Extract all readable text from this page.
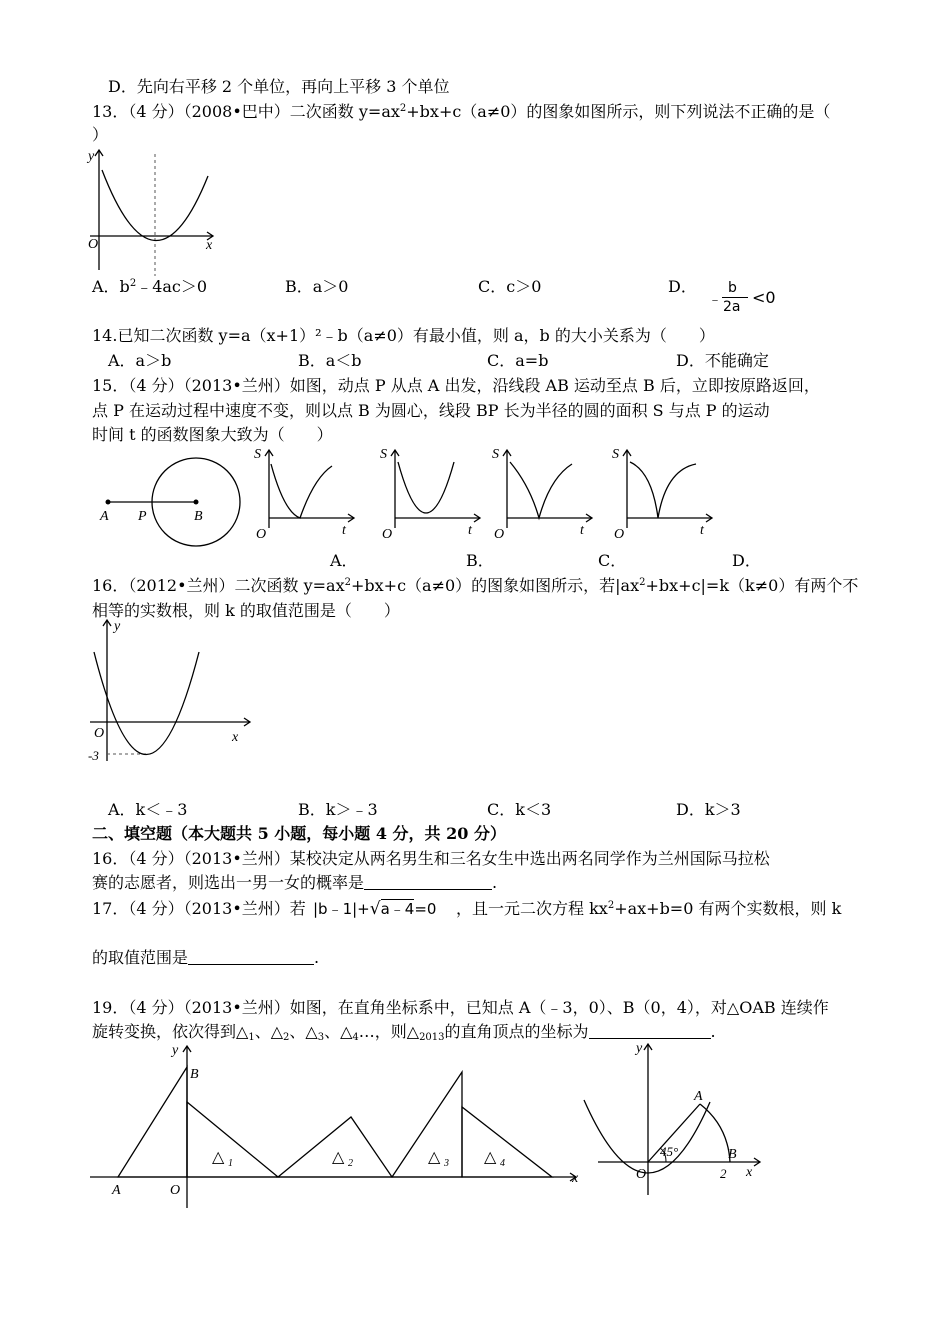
D．先向右平移 2 个单位，再向上平移 3 个单位
13．（4 分）（2008•巴中）二次函数 $y=ax^2+bx+c(a\ne 0)$的图象如图所示，则下列说法不正确的是（
）
y
x
O
A．$b^2﹣4ac>0$	B．a＞0	C．c＞0	D．
﹣
b
2a <0
14.已知二次函数 y=a（x+1）²﹣b（a≠0）有最小值，则 a，b 的大小关系为（　　）
A．a＞b	B．a＜b	C．a=b	D．不能确定
15．（4 分）（2013•兰州）如图，动点 P 从点 A 出发，沿线段 AB 运动至点 B 后，立即按原路返回，
点 P 在运动过程中速度不变，则以点 B 为圆心，线段 BP 长为半径的圆的面积 S 与点 P 的运动
时间 t 的函数图象大致为（　　）
A P	B
S
t
O
S
t
O
S
t
O
S
t
O
A．	B．	C．	D．
16．（2012•兰州）二次函数 $y=ax^2+bx+c(a\ne 0)$的图象如图所示，若$|ax^2+bx+c|=k(k\ne 0)$有两个不
相等的实数根，则 k 的取值范围是（　　）
y
x
O
-3
A．k＜﹣3	B．k＞﹣3	C．k＜3	D．k＞3
二、填空题（本大题共 5 小题，每小题 4 分，共 20 分）
16．（4 分）（2013•兰州）某校决定从两名男生和三名女生中选出两名同学作为兰州国际马拉松
赛的志愿者，则选出一男一女的概率是	.
17．（4 分）（2013•兰州）若 |b﹣1|+√a﹣4=0 ，且一元二次方程 $kx^2+ax+b=0$ 有两个实数根，则 k
的取值范围是	.
19．（4 分）（2013•兰州）如图，在直角坐标系中，已知点 A（﹣3，0）、B（0，4），对△OAB 连续作
旋转变换，依次得到$\triangle_1$、$\triangle_2$、$\triangle_3$、$\triangle_4\dots$，则$\triangle_{2013}$的直角顶点的坐标为	.
y
B
A	O
x
△ 1	△ 2	△ 3 △ 4
y
A
45°
O
B
2 x
